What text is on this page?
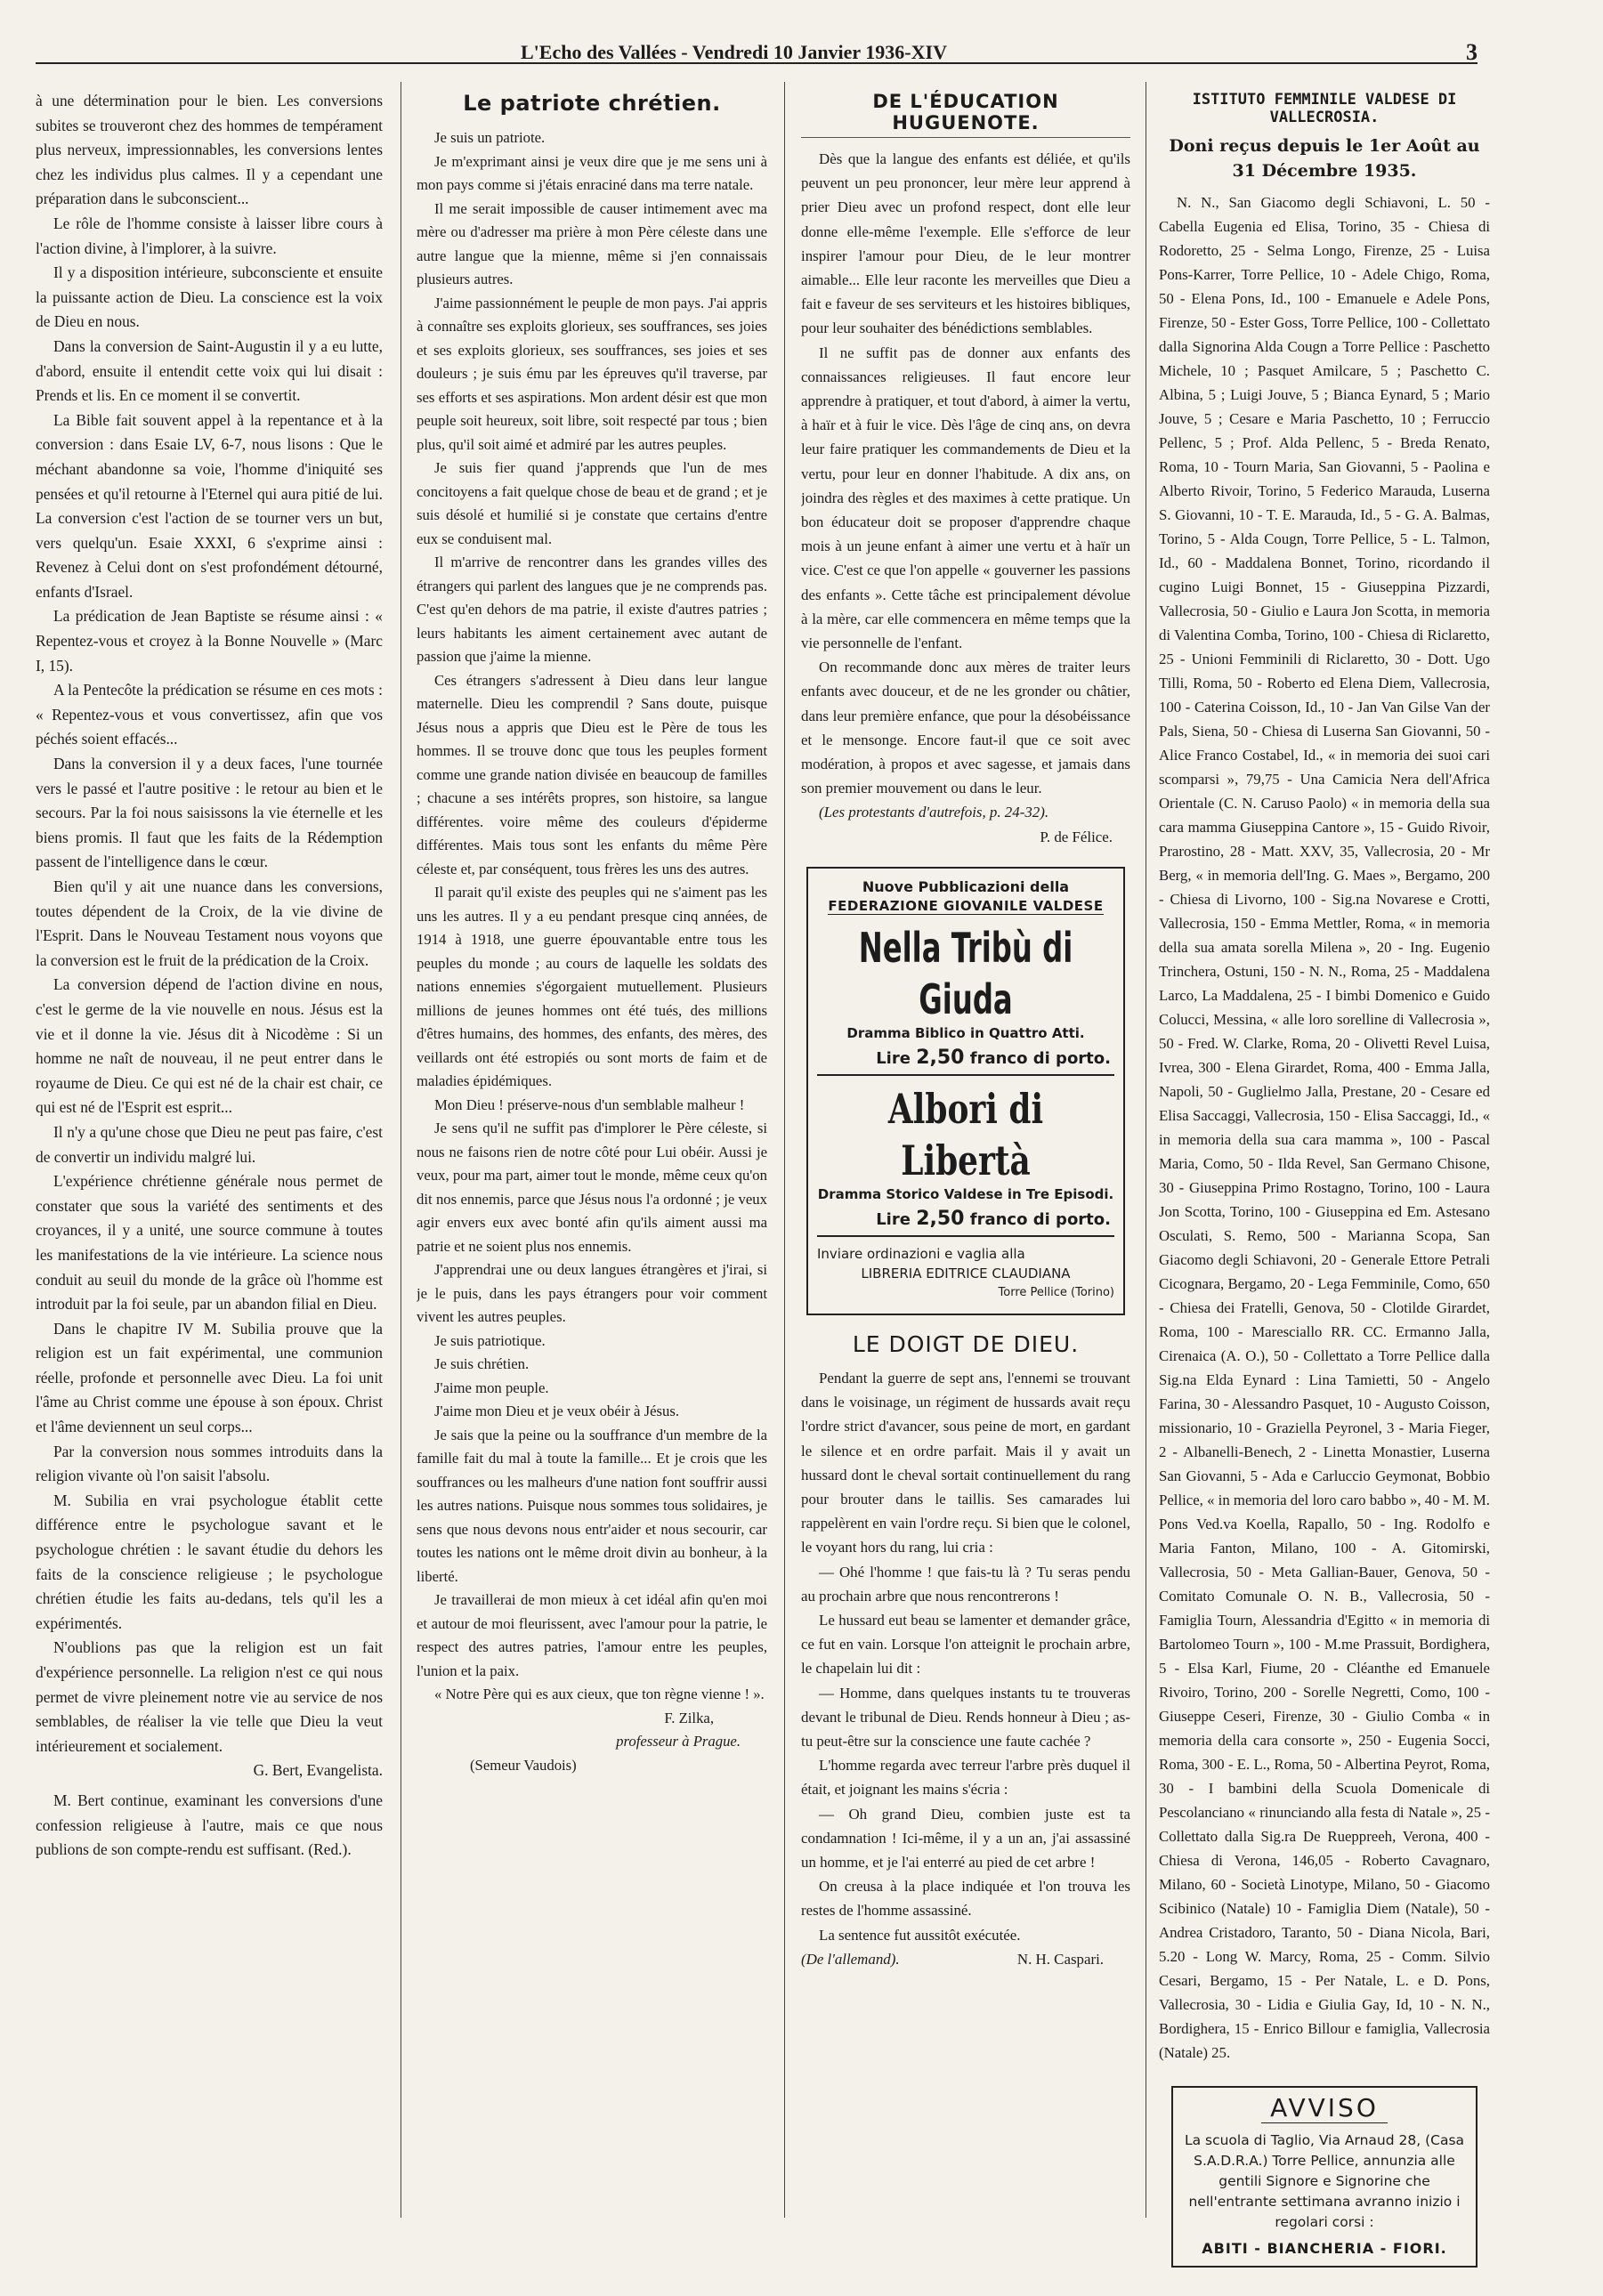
L'Echo des Vallées - Vendredi 10 Janvier 1936-XIV	3

à une détermination pour le bien. Les conversions subites se trouveront chez des hommes de tempérament plus nerveux, impressionnables, les conversions lentes chez les individus plus calmes. Il y a cependant une préparation dans le subconscient...

Le rôle de l'homme consiste à laisser libre cours à l'action divine, à l'implorer, à la suivre.

Il y a disposition intérieure, subconsciente et ensuite la puissante action de Dieu. La conscience est la voix de Dieu en nous.

Dans la conversion de Saint-Augustin il y a eu lutte, d'abord, ensuite il entendit cette voix qui lui disait : Prends et lis. En ce moment il se convertit.

La Bible fait souvent appel à la repentance et à la conversion : dans Esaie LV, 6-7, nous lisons : Que le méchant abandonne sa voie, l'homme d'iniquité ses pensées et qu'il retourne à l'Eternel qui aura pitié de lui. La conversion c'est l'action de se tourner vers un but, vers quelqu'un. Esaie XXXI, 6 s'exprime ainsi : Revenez à Celui dont on s'est profondément détourné, enfants d'Israel.

La prédication de Jean Baptiste se résume ainsi : « Repentez-vous et croyez à la Bonne Nouvelle » (Marc I, 15).

A la Pentecôte la prédication se résume en ces mots : « Repentez-vous et vous convertissez, afin que vos péchés soient effacés...

Dans la conversion il y a deux faces, l'une tournée vers le passé et l'autre positive : le retour au bien et le secours. Par la foi nous saisissons la vie éternelle et les biens promis. Il faut que les faits de la Rédemption passent de l'intelligence dans le cœur.

Bien qu'il y ait une nuance dans les conversions, toutes dépendent de la Croix, de la vie divine de l'Esprit. Dans le Nouveau Testament nous voyons que la conversion est le fruit de la prédication de la Croix.

La conversion dépend de l'action divine en nous, c'est le germe de la vie nouvelle en nous. Jésus est la vie et il donne la vie. Jésus dit à Nicodème : Si un homme ne naît de nouveau, il ne peut entrer dans le royaume de Dieu. Ce qui est né de la chair est chair, ce qui est né de l'Esprit est esprit...

Il n'y a qu'une chose que Dieu ne peut pas faire, c'est de convertir un individu malgré lui.

L'expérience chrétienne générale nous permet de constater que sous la variété des sentiments et des croyances, il y a unité, une source commune à toutes les manifestations de la vie intérieure. La science nous conduit au seuil du monde de la grâce où l'homme est introduit par la foi seule, par un abandon filial en Dieu.

Dans le chapitre IV M. Subilia prouve que la religion est un fait expérimental, une communion réelle, profonde et personnelle avec Dieu. La foi unit l'âme au Christ comme une épouse à son époux. Christ et l'âme deviennent un seul corps...

Par la conversion nous sommes introduits dans la religion vivante où l'on saisit l'absolu.

M. Subilia en vrai psychologue établit cette différence entre le psychologue savant et le psychologue chrétien : le savant étudie du dehors les faits de la conscience religieuse ; le psychologue chrétien étudie les faits au-dedans, tels qu'il les a expérimentés.

N'oublions pas que la religion est un fait d'expérience personnelle. La religion n'est ce qui nous permet de vivre pleinement notre vie au service de nos semblables, de réaliser la vie telle que Dieu la veut intérieurement et socialement.

G. Bert, Evangelista.

M. Bert continue, examinant les conversions d'une confession religieuse à l'autre, mais ce que nous publions de son compte-rendu est suffisant. (Red.).

Le patriote chrétien.

Je suis un patriote.

Je m'exprimant ainsi je veux dire que je me sens uni à mon pays comme si j'étais enraciné dans ma terre natale.

Il me serait impossible de causer intimement avec ma mère ou d'adresser ma prière à mon Père céleste dans une autre langue que la mienne, même si j'en connaissais plusieurs autres.

J'aime passionnément le peuple de mon pays. J'ai appris à connaître ses exploits glorieux, ses souffrances, ses joies et ses exploits glorieux, ses souffrances, ses joies et ses douleurs ; je suis ému par les épreuves qu'il traverse, par ses efforts et ses aspirations. Mon ardent désir est que mon peuple soit heureux, soit libre, soit respecté par tous ; bien plus, qu'il soit aimé et admiré par les autres peuples.

Je suis fier quand j'apprends que l'un de mes concitoyens a fait quelque chose de beau et de grand ; et je suis désolé et humilié si je constate que certains d'entre eux se conduisent mal.

Il m'arrive de rencontrer dans les grandes villes des étrangers qui parlent des langues que je ne comprends pas. C'est qu'en dehors de ma patrie, il existe d'autres patries ; leurs habitants les aiment certainement avec autant de passion que j'aime la mienne.

Ces étrangers s'adressent à Dieu dans leur langue maternelle. Dieu les comprendil ? Sans doute, puisque Jésus nous a appris que Dieu est le Père de tous les hommes. Il se trouve donc que tous les peuples forment comme une grande nation divisée en beaucoup de familles ; chacune a ses intérêts propres, son histoire, sa langue différentes. voire même des couleurs d'épiderme différentes. Mais tous sont les enfants du même Père céleste et, par conséquent, tous frères les uns des autres.

Il parait qu'il existe des peuples qui ne s'aiment pas les uns les autres. Il y a eu pendant presque cinq années, de 1914 à 1918, une guerre épouvantable entre tous les peuples du monde ; au cours de laquelle les soldats des nations ennemies s'égorgaient mutuellement. Plusieurs millions de jeunes hommes ont été tués, des millions d'êtres humains, des hommes, des enfants, des mères, des veillards ont été estropiés ou sont morts de faim et de maladies épidémiques.

Mon Dieu ! préserve-nous d'un semblable malheur !

Je sens qu'il ne suffit pas d'implorer le Père céleste, si nous ne faisons rien de notre côté pour Lui obéir. Aussi je veux, pour ma part, aimer tout le monde, même ceux qu'on dit nos ennemis, parce que Jésus nous l'a ordonné ; je veux agir envers eux avec bonté afin qu'ils aiment aussi ma patrie et ne soient plus nos ennemis.

J'apprendrai une ou deux langues étrangères et j'irai, si je le puis, dans les pays étrangers pour voir comment vivent les autres peuples.

Je suis patriotique.

Je suis chrétien.

J'aime mon peuple.

J'aime mon Dieu et je veux obéir à Jésus.

Je sais que la peine ou la souffrance d'un membre de la famille fait du mal à toute la famille... Et je crois que les souffrances ou les malheurs d'une nation font souffrir aussi les autres nations. Puisque nous sommes tous solidaires, je sens que nous devons nous entr'aider et nous secourir, car toutes les nations ont le même droit divin au bonheur, à la liberté.

Je travaillerai de mon mieux à cet idéal afin qu'en moi et autour de moi fleurissent, avec l'amour pour la patrie, le respect des autres patries, l'amour entre les peuples, l'union et la paix.

« Notre Père qui es aux cieux, que ton règne vienne ! ».

F. Zilka,

professeur à Prague.

(Semeur Vaudois)

DE L'ÉDUCATION HUGUENOTE.

Dès que la langue des enfants est déliée, et qu'ils peuvent un peu prononcer, leur mère leur apprend à prier Dieu avec un profond respect, dont elle leur donne elle-même l'exemple. Elle s'efforce de leur inspirer l'amour pour Dieu, de le leur montrer aimable... Elle leur raconte les merveilles que Dieu a fait e faveur de ses serviteurs et les histoires bibliques, pour leur souhaiter des bénédictions semblables.

Il ne suffit pas de donner aux enfants des connaissances religieuses. Il faut encore leur apprendre à pratiquer, et tout d'abord, à aimer la vertu, à haïr et à fuir le vice. Dès l'âge de cinq ans, on devra leur faire pratiquer les commandements de Dieu et la vertu, pour leur en donner l'habitude. A dix ans, on joindra des règles et des maximes à cette pratique. Un bon éducateur doit se proposer d'apprendre chaque mois à un jeune enfant à aimer une vertu et à haïr un vice. C'est ce que l'on appelle « gouverner les passions des enfants ». Cette tâche est principalement dévolue à la mère, car elle commencera en même temps que la vie personnelle de l'enfant.

On recommande donc aux mères de traiter leurs enfants avec douceur, et de ne les gronder ou châtier, dans leur première enfance, que pour la désobéissance et le mensonge. Encore faut-il que ce soit avec modération, à propos et avec sagesse, et jamais dans son premier mouvement ou dans le leur.

(Les protestants d'autrefois, p. 24-32).

P. de Félice.

Nuove Pubblicazioni della
FEDERAZIONE GIOVANILE VALDESE
Nella Tribù di Giuda
Dramma Biblico in Quattro Atti.
Lire 2,50 franco di porto.
Albori di Libertà
Dramma Storico Valdese in Tre Episodi.
Lire 2,50 franco di porto.
Inviare ordinazioni e vaglia alla
LIBRERIA EDITRICE CLAUDIANA
Torre Pellice (Torino)
LE DOIGT DE DIEU.

Pendant la guerre de sept ans, l'ennemi se trouvant dans le voisinage, un régiment de hussards avait reçu l'ordre strict d'avancer, sous peine de mort, en gardant le silence et en ordre parfait. Mais il y avait un hussard dont le cheval sortait continuellement du rang pour brouter dans le taillis. Ses camarades lui rappelèrent en vain l'ordre reçu. Si bien que le colonel, le voyant hors du rang, lui cria :

— Ohé l'homme ! que fais-tu là ? Tu seras pendu au prochain arbre que nous rencontrerons !

Le hussard eut beau se lamenter et demander grâce, ce fut en vain. Lorsque l'on atteignit le prochain arbre, le chapelain lui dit :

— Homme, dans quelques instants tu te trouveras devant le tribunal de Dieu. Rends honneur à Dieu ; as-tu peut-être sur la conscience une faute cachée ?

L'homme regarda avec terreur l'arbre près duquel il était, et joignant les mains s'écria :

— Oh grand Dieu, combien juste est ta condamnation ! Ici-même, il y a un an, j'ai assassiné un homme, et je l'ai enterré au pied de cet arbre !

On creusa à la place indiquée et l'on trouva les restes de l'homme assassiné.

La sentence fut aussitôt exécutée.

(De l'allemand).	N. H. Caspari.
ISTITUTO FEMMINILE VALDESE DI VALLECROSIA.
Doni reçus depuis le 1er Août au 31 Décembre 1935.

N. N., San Giacomo degli Schiavoni, L. 50 - Cabella Eugenia ed Elisa, Torino, 35 - Chiesa di Rodoretto, 25 - Selma Longo, Firenze, 25 - Luisa Pons-Karrer, Torre Pellice, 10 - Adele Chigo, Roma, 50 - Elena Pons, Id., 100 - Emanuele e Adele Pons, Firenze, 50 - Ester Goss, Torre Pellice, 100 - Collettato dalla Signorina Alda Cougn a Torre Pellice : Paschetto Michele, 10 ; Pasquet Amilcare, 5 ; Paschetto C. Albina, 5 ; Luigi Jouve, 5 ; Bianca Eynard, 5 ; Mario Jouve, 5 ; Cesare e Maria Paschetto, 10 ; Ferruccio Pellenc, 5 ; Prof. Alda Pellenc, 5 - Breda Renato, Roma, 10 - Tourn Maria, San Giovanni, 5 - Paolina e Alberto Rivoir, Torino, 5 Federico Marauda, Luserna S. Giovanni, 10 - T. E. Marauda, Id., 5 - G. A. Balmas, Torino, 5 - Alda Cougn, Torre Pellice, 5 - L. Talmon, Id., 60 - Maddalena Bonnet, Torino, ricordando il cugino Luigi Bonnet, 15 - Giuseppina Pizzardi, Vallecrosia, 50 - Giulio e Laura Jon Scotta, in memoria di Valentina Comba, Torino, 100 - Chiesa di Riclaretto, 25 - Unioni Femminili di Riclaretto, 30 - Dott. Ugo Tilli, Roma, 50 - Roberto ed Elena Diem, Vallecrosia, 100 - Caterina Coisson, Id., 10 - Jan Van Gilse Van der Pals, Siena, 50 - Chiesa di Luserna San Giovanni, 50 - Alice Franco Costabel, Id., « in memoria dei suoi cari scomparsi », 79,75 - Una Camicia Nera dell'Africa Orientale (C. N. Caruso Paolo) « in memoria della sua cara mamma Giuseppina Cantore », 15 - Guido Rivoir, Prarostino, 28 - Matt. XXV, 35, Vallecrosia, 20 - Mr Berg, « in memoria dell'Ing. G. Maes », Bergamo, 200 - Chiesa di Livorno, 100 - Sig.na Novarese e Crotti, Vallecrosia, 150 - Emma Mettler, Roma, « in memoria della sua amata sorella Milena », 20 - Ing. Eugenio Trinchera, Ostuni, 150 - N. N., Roma, 25 - Maddalena Larco, La Maddalena, 25 - I bimbi Domenico e Guido Colucci, Messina, « alle loro sorelline di Vallecrosia », 50 - Fred. W. Clarke, Roma, 20 - Olivetti Revel Luisa, Ivrea, 300 - Elena Girardet, Roma, 400 - Emma Jalla, Napoli, 50 - Guglielmo Jalla, Prestane, 20 - Cesare ed Elisa Saccaggi, Vallecrosia, 150 - Elisa Saccaggi, Id., « in memoria della sua cara mamma », 100 - Pascal Maria, Como, 50 - Ilda Revel, San Germano Chisone, 30 - Giuseppina Primo Rostagno, Torino, 100 - Laura Jon Scotta, Torino, 100 - Giuseppina ed Em. Astesano Osculati, S. Remo, 500 - Marianna Scopa, San Giacomo degli Schiavoni, 20 - Generale Ettore Petrali Cicognara, Bergamo, 20 - Lega Femminile, Como, 650 - Chiesa dei Fratelli, Genova, 50 - Clotilde Girardet, Roma, 100 - Maresciallo RR. CC. Ermanno Jalla, Cirenaica (A. O.), 50 - Collettato a Torre Pellice dalla Sig.na Elda Eynard : Lina Tamietti, 50 - Angelo Farina, 30 - Alessandro Pasquet, 10 - Augusto Coisson, missionario, 10 - Graziella Peyronel, 3 - Maria Fieger, 2 - Albanelli-Benech, 2 - Linetta Monastier, Luserna San Giovanni, 5 - Ada e Carluccio Geymonat, Bobbio Pellice, « in memoria del loro caro babbo », 40 - M. M. Pons Ved.va Koella, Rapallo, 50 - Ing. Rodolfo e Maria Fanton, Milano, 100 - A. Gitomirski, Vallecrosia, 50 - Meta Gallian-Bauer, Genova, 50 - Comitato Comunale O. N. B., Vallecrosia, 50 - Famiglia Tourn, Alessandria d'Egitto « in memoria di Bartolomeo Tourn », 100 - M.me Prassuit, Bordighera, 5 - Elsa Karl, Fiume, 20 - Cléanthe ed Emanuele Rivoiro, Torino, 200 - Sorelle Negretti, Como, 100 - Giuseppe Ceseri, Firenze, 30 - Giulio Comba « in memoria della cara consorte », 250 - Eugenia Socci, Roma, 300 - E. L., Roma, 50 - Albertina Peyrot, Roma, 30 - I bambini della Scuola Domenicale di Pescolanciano « rinunciando alla festa di Natale », 25 - Collettato dalla Sig.ra De Rueppreeh, Verona, 400 - Chiesa di Verona, 146,05 - Roberto Cavagnaro, Milano, 60 - Società Linotype, Milano, 50 - Giacomo Scibinico (Natale) 10 - Famiglia Diem (Natale), 50 - Andrea Cristadoro, Taranto, 50 - Diana Nicola, Bari, 5.20 - Long W. Marcy, Roma, 25 - Comm. Silvio Cesari, Bergamo, 15 - Per Natale, L. e D. Pons, Vallecrosia, 30 - Lidia e Giulia Gay, Id, 10 - N. N., Bordighera, 15 - Enrico Billour e famiglia, Vallecrosia (Natale) 25.

AVVISO
La scuola di Taglio, Via Arnaud 28, (Casa S.A.D.R.A.) Torre Pellice, annunzia alle gentili Signore e Signorine che nell'entrante settimana avranno inizio i regolari corsi :
ABITI - BIANCHERIA - FIORI.
